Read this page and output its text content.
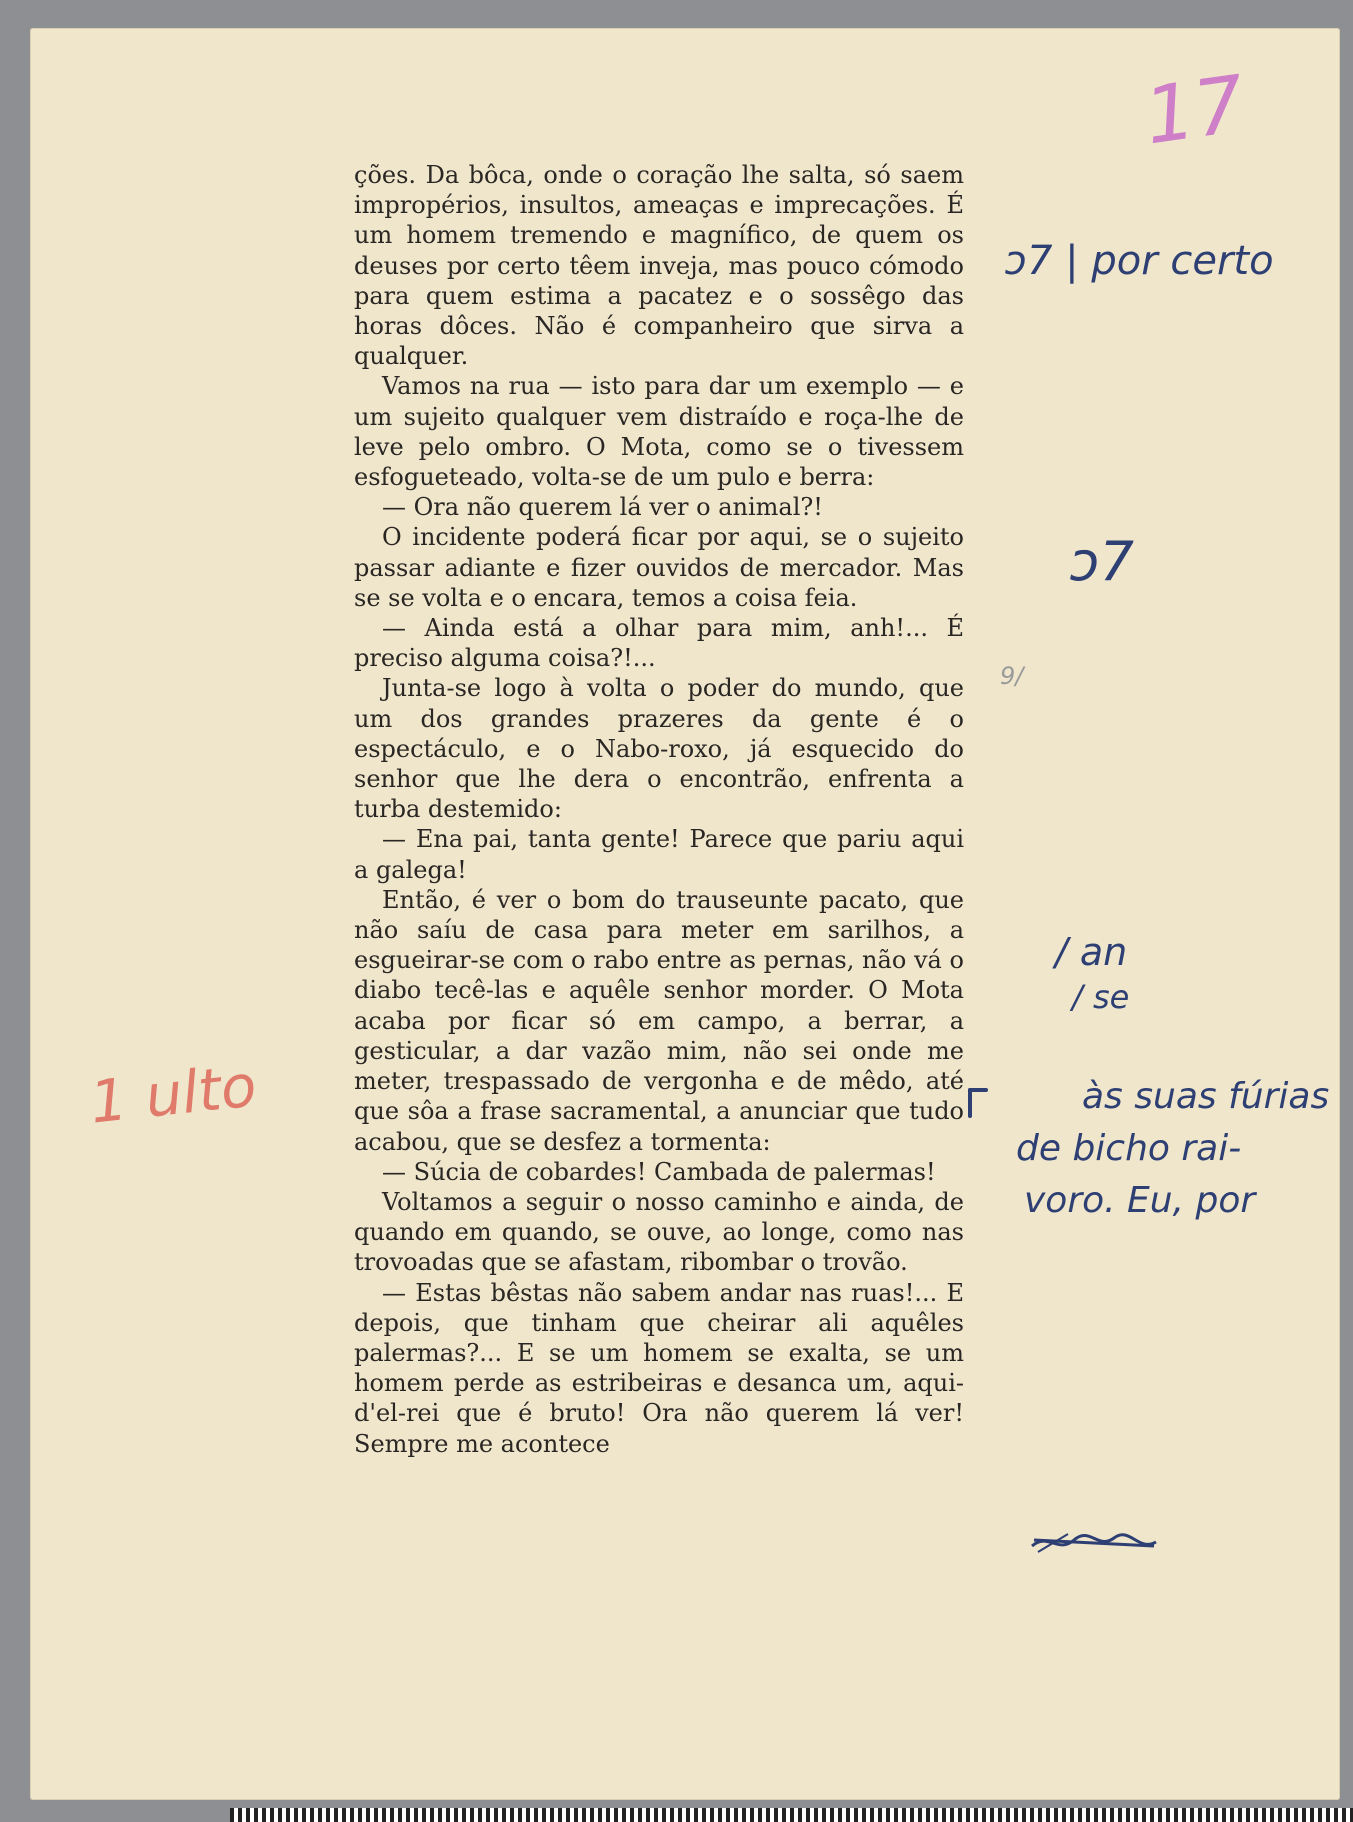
17

ções. Da bôca, onde o coração lhe salta, só saem impropérios, insultos, ameaças e imprecações. É um homem tremendo e magnífico, de quem os deuses por certo têem inveja, mas pouco cómodo para quem estima a pacatez e o sossêgo das horas dôces. Não é companheiro que sirva a qualquer.

Vamos na rua — isto para dar um exemplo — e um sujeito qualquer vem distraído e roça-lhe de leve pelo ombro. O Mota, como se o tivessem esfogueteado, volta-se de um pulo e berra:

— Ora não querem lá ver o animal?!

O incidente poderá ficar por aqui, se o sujeito passar adiante e fizer ouvidos de mercador. Mas se se volta e o encara, temos a coisa feia.

— Ainda está a olhar para mim, anh!... É preciso alguma coisa?!...

Junta-se logo à volta o poder do mundo, que um dos grandes prazeres da gente é o espectáculo, e o Nabo-roxo, já esquecido do senhor que lhe dera o encontrão, enfrenta a turba destemido:

— Ena pai, tanta gente! Parece que pariu aqui a galega!

Então, é ver o bom do trauseunte pacato, que não saíu de casa para meter em sarilhos, a esgueirar-se com o rabo entre as pernas, não vá o diabo tecê-las e aquêle senhor morder. O Mota acaba por ficar só em campo, a berrar, a gesticular, a dar vazão mim, não sei onde me meter, trespassado de vergonha e de mêdo, até que sôa a frase sacramental, a anunciar que tudo acabou, que se desfez a tormenta:

— Súcia de cobardes! Cambada de palermas!

Voltamos a seguir o nosso caminho e ainda, de quando em quando, se ouve, ao longe, como nas trovoadas que se afastam, ribombar o trovão.

— Estas bêstas não sabem andar nas ruas!... E depois, que tinham que cheirar ali aquêles palermas?... E se um homem se exalta, se um homem perde as estribeiras e desanca um, aqui-d'el-rei que é bruto! Ora não querem lá ver! Sempre me acontece

ↄ7 | por certo
ↄ7
9/
/ an
/ se
às suas fúrias
de bicho rai-
voro. Eu, por
1 ulto
